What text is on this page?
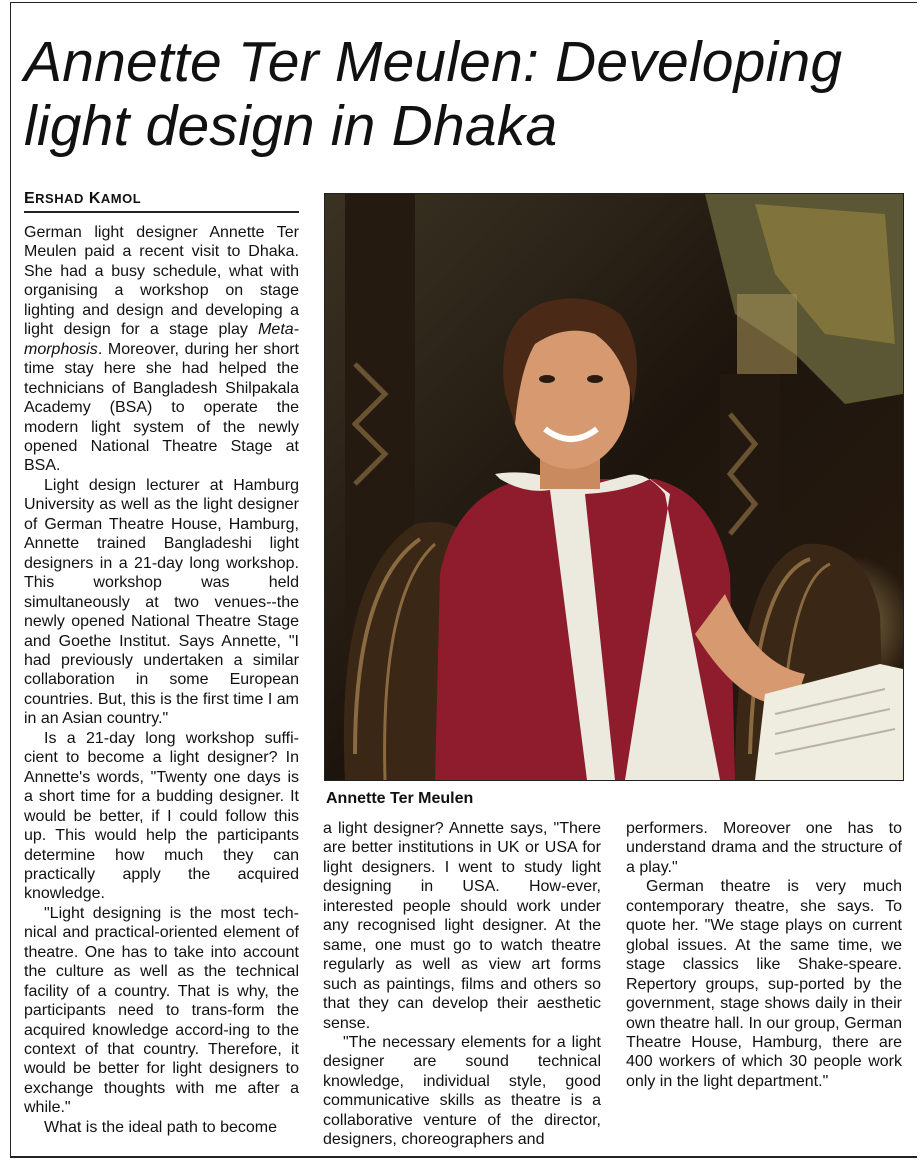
Annette Ter Meulen: Developing
light design in Dhaka
ERSHAD KAMOL

German light designer Annette Ter Meulen paid a recent visit to Dhaka. She had a busy schedule, what with organising a workshop on stage lighting and design and developing a light design for a stage play Meta-morphosis. Moreover, during her short time stay here she had helped the technicians of Bangladesh Shilpakala Academy (BSA) to operate the modern light system of the newly opened National Theatre Stage at BSA.

Light design lecturer at Hamburg University as well as the light designer of German Theatre House, Hamburg, Annette trained Bangladeshi light designers in a 21-day long workshop. This workshop was held simultaneously at two venues--the newly opened National Theatre Stage and Goethe Institut. Says Annette, "I had previously undertaken a similar collaboration in some European countries. But, this is the first time I am in an Asian country."

Is a 21-day long workshop suffi-cient to become a light designer? In Annette's words, "Twenty one days is a short time for a budding designer. It would be better, if I could follow this up. This would help the participants determine how much they can practically apply the acquired knowledge.

"Light designing is the most tech-nical and practical-oriented element of theatre. One has to take into account the culture as well as the technical facility of a country. That is why, the participants need to trans-form the acquired knowledge accord-ing to the context of that country. Therefore, it would be better for light designers to exchange thoughts with me after a while."

What is the ideal path to become

Annette Ter Meulen

a light designer? Annette says, "There are better institutions in UK or USA for light designers. I went to study light designing in USA. How-ever, interested people should work under any recognised light designer. At the same, one must go to watch theatre regularly as well as view art forms such as paintings, films and others so that they can develop their aesthetic sense.

"The necessary elements for a light designer are sound technical knowledge, individual style, good communicative skills as theatre is a collaborative venture of the director, designers, choreographers and

performers. Moreover one has to understand drama and the structure of a play."

German theatre is very much contemporary theatre, she says. To quote her. "We stage plays on current global issues. At the same time, we stage classics like Shake-speare. Repertory groups, sup-ported by the government, stage shows daily in their own theatre hall. In our group, German Theatre House, Hamburg, there are 400 workers of which 30 people work only in the light department."
